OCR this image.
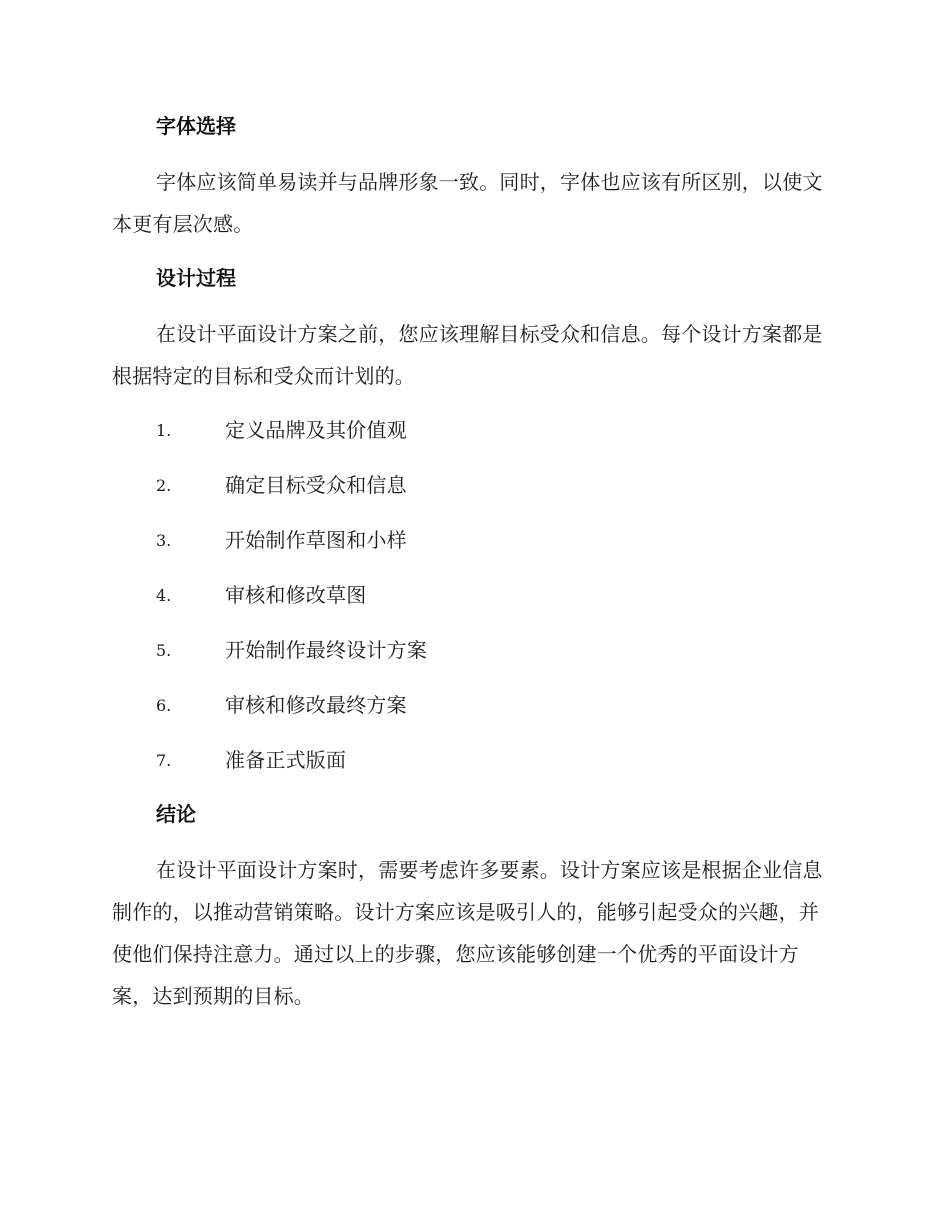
字体选择
字体应该简单易读并与品牌形象一致。同时，字体也应该有所区别，以使文本更有层次感。
设计过程
在设计平面设计方案之前，您应该理解目标受众和信息。每个设计方案都是根据特定的目标和受众而计划的。
1.	定义品牌及其价值观
2.	确定目标受众和信息
3.	开始制作草图和小样
4.	审核和修改草图
5.	开始制作最终设计方案
6.	审核和修改最终方案
7.	准备正式版面
结论
在设计平面设计方案时，需要考虑许多要素。设计方案应该是根据企业信息制作的，以推动营销策略。设计方案应该是吸引人的，能够引起受众的兴趣，并使他们保持注意力。通过以上的步骤，您应该能够创建一个优秀的平面设计方案，达到预期的目标。
